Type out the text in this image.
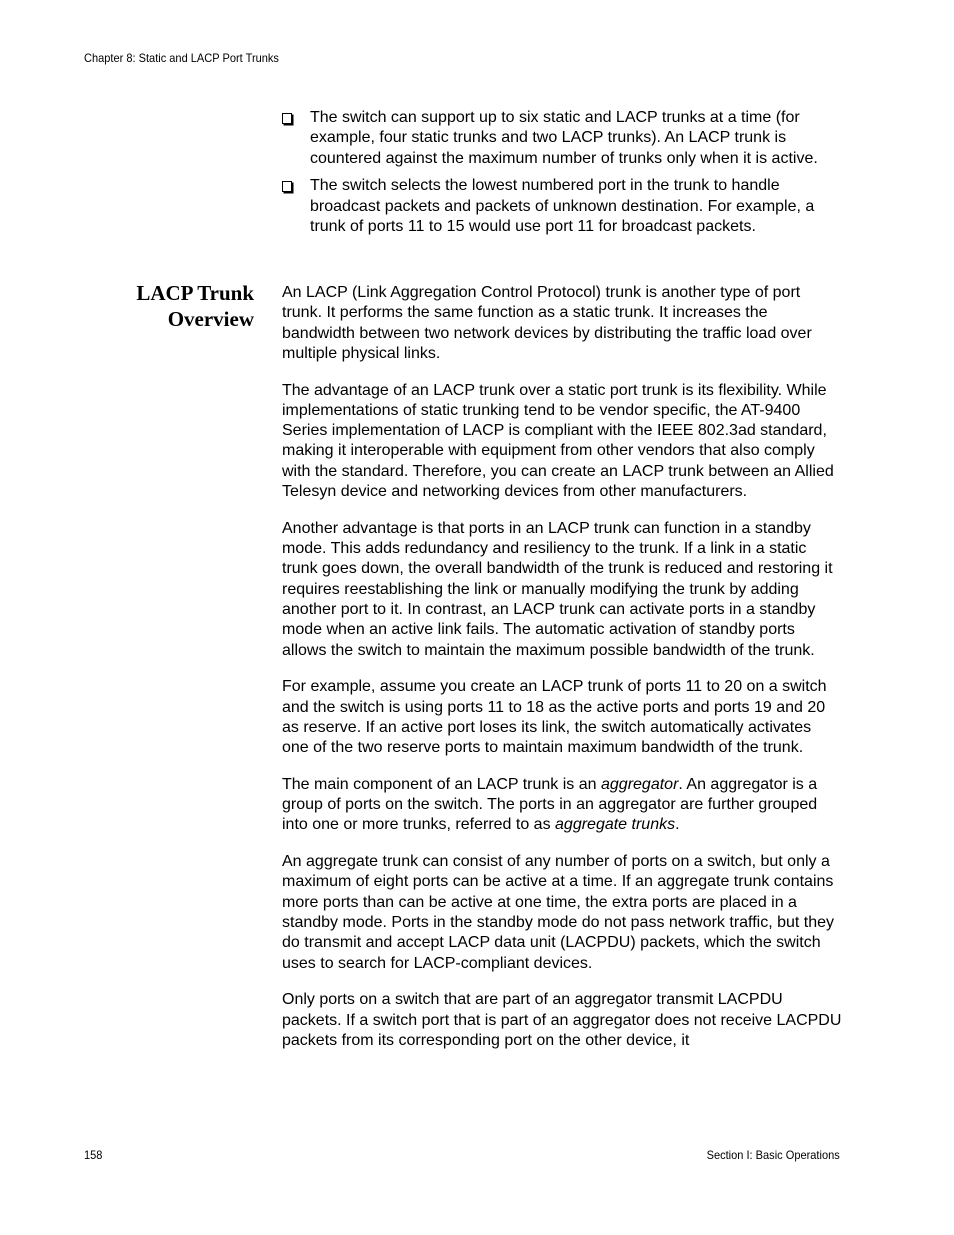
Chapter 8: Static and LACP Port Trunks
The switch can support up to six static and LACP trunks at a time (for example, four static trunks and two LACP trunks). An LACP trunk is countered against the maximum number of trunks only when it is active.
The switch selects the lowest numbered port in the trunk to handle broadcast packets and packets of unknown destination. For example, a trunk of ports 11 to 15 would use port 11 for broadcast packets.
LACP Trunk
Overview

An LACP (Link Aggregation Control Protocol) trunk is another type of port trunk. It performs the same function as a static trunk. It increases the bandwidth between two network devices by distributing the traffic load over multiple physical links.

The advantage of an LACP trunk over a static port trunk is its flexibility. While implementations of static trunking tend to be vendor specific, the AT-9400 Series implementation of LACP is compliant with the IEEE 802.3ad standard, making it interoperable with equipment from other vendors that also comply with the standard. Therefore, you can create an LACP trunk between an Allied Telesyn device and networking devices from other manufacturers.

Another advantage is that ports in an LACP trunk can function in a standby mode. This adds redundancy and resiliency to the trunk. If a link in a static trunk goes down, the overall bandwidth of the trunk is reduced and restoring it requires reestablishing the link or manually modifying the trunk by adding another port to it. In contrast, an LACP trunk can activate ports in a standby mode when an active link fails. The automatic activation of standby ports allows the switch to maintain the maximum possible bandwidth of the trunk.

For example, assume you create an LACP trunk of ports 11 to 20 on a switch and the switch is using ports 11 to 18 as the active ports and ports 19 and 20 as reserve. If an active port loses its link, the switch automatically activates one of the two reserve ports to maintain maximum bandwidth of the trunk.

The main component of an LACP trunk is an aggregator. An aggregator is a group of ports on the switch. The ports in an aggregator are further grouped into one or more trunks, referred to as aggregate trunks.

An aggregate trunk can consist of any number of ports on a switch, but only a maximum of eight ports can be active at a time. If an aggregate trunk contains more ports than can be active at one time, the extra ports are placed in a standby mode. Ports in the standby mode do not pass network traffic, but they do transmit and accept LACP data unit (LACPDU) packets, which the switch uses to search for LACP-compliant devices.

Only ports on a switch that are part of an aggregator transmit LACPDU packets. If a switch port that is part of an aggregator does not receive LACPDU packets from its corresponding port on the other device, it

158	Section I: Basic Operations
